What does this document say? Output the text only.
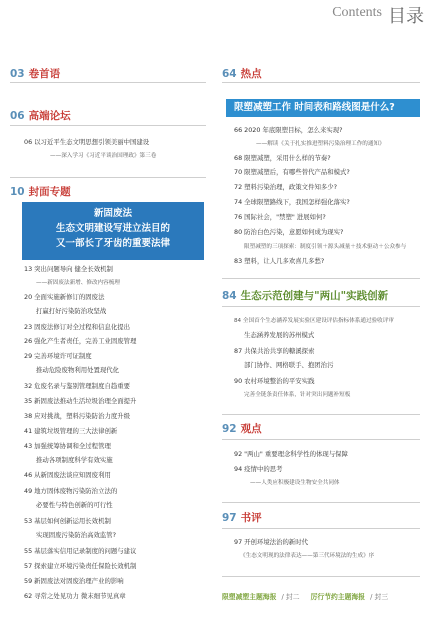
Contents 目录
03 卷首语
06 高端论坛
06 以习近平生态文明思想引领美丽中国建设
——深入学习《习近平谈治国理政》第三卷
10 封面专题
新固废法
生态文明建设写进立法目的
又一部长了牙齿的重要法律
13 突出问题导向 健全长效机制
——新固废法新增、修改内容梳理
20 全面实施新修订的固废法
打赢打好污染防治攻坚战
23 固废法修订对全过程和信息化提出
26 强化产生者责任，完善工业固废管理
29 完善环境许可证制度
推动危险废物利用处置现代化
32 危废名录与鉴别管理制度自趋重要
35 新固废法推动生活垃圾治理全面提升
38 应对挑战，塑料污染防治力度升级
41 建筑垃圾管理的三大法律创新
43 加强统筹协调和全过程管理
推动各项制度科学有效实施
46 从新固废法谈应知固废利用
49 地方固体废物污染防治立法的
必要性与特色创新的可行性
53 基层如何创新运用长效机制
实现固废污染防治高效监管?
55 基层落实信用记录制度的问题与建议
57 探索建立环境污染责任保险长效机制
59 新固废法对固废治理产业的影响
62 寻常之处见功力 微末细节见真章
64 热点
限塑减塑工作 时间表和路线图是什么?
66 2020 年底限塑目标，怎么来实现?
——解读《关于扎实推进塑料污染治理工作的通知》
68 限塑减塑，采用什么样的节奏?
70 限塑减塑后，有哪些替代产品和模式?
72 塑料污染治理，政策文件知多少?
74 全球限塑路线下，我国怎样强化落实?
76 国际社会，"禁塑" 进展如何?
80 防治白色污染，意愿如何成为现实?
限塑减塑的三项探索：制度引领＋源头减量＋技术驱动＋公众参与
83 塑料，让人几多欢喜几多愁?
84 生态示范创建与"两山"实践创新
84 全国首个生态涵养发展实验区建设评估指标体系通过验收评审
生态涵养发展的苏州模式
87 共保共治共享的糖溪探索
部门协作、网格联手、抱团治污
90 农村环境整治的平安实践
完善全链条责任体系，针对突出问题补短板
92 观点
92 "两山" 重要理念科学性的体现与保障
94 疫情中的思考
——人类应积极建设生物安全共同体
97 书评
97 开创环境法治的新时代
《生态文明现的法律表达——第三代环境法的生成》序
限塑减塑主题海报 / 封二 厉行节约主题海报 / 封三
